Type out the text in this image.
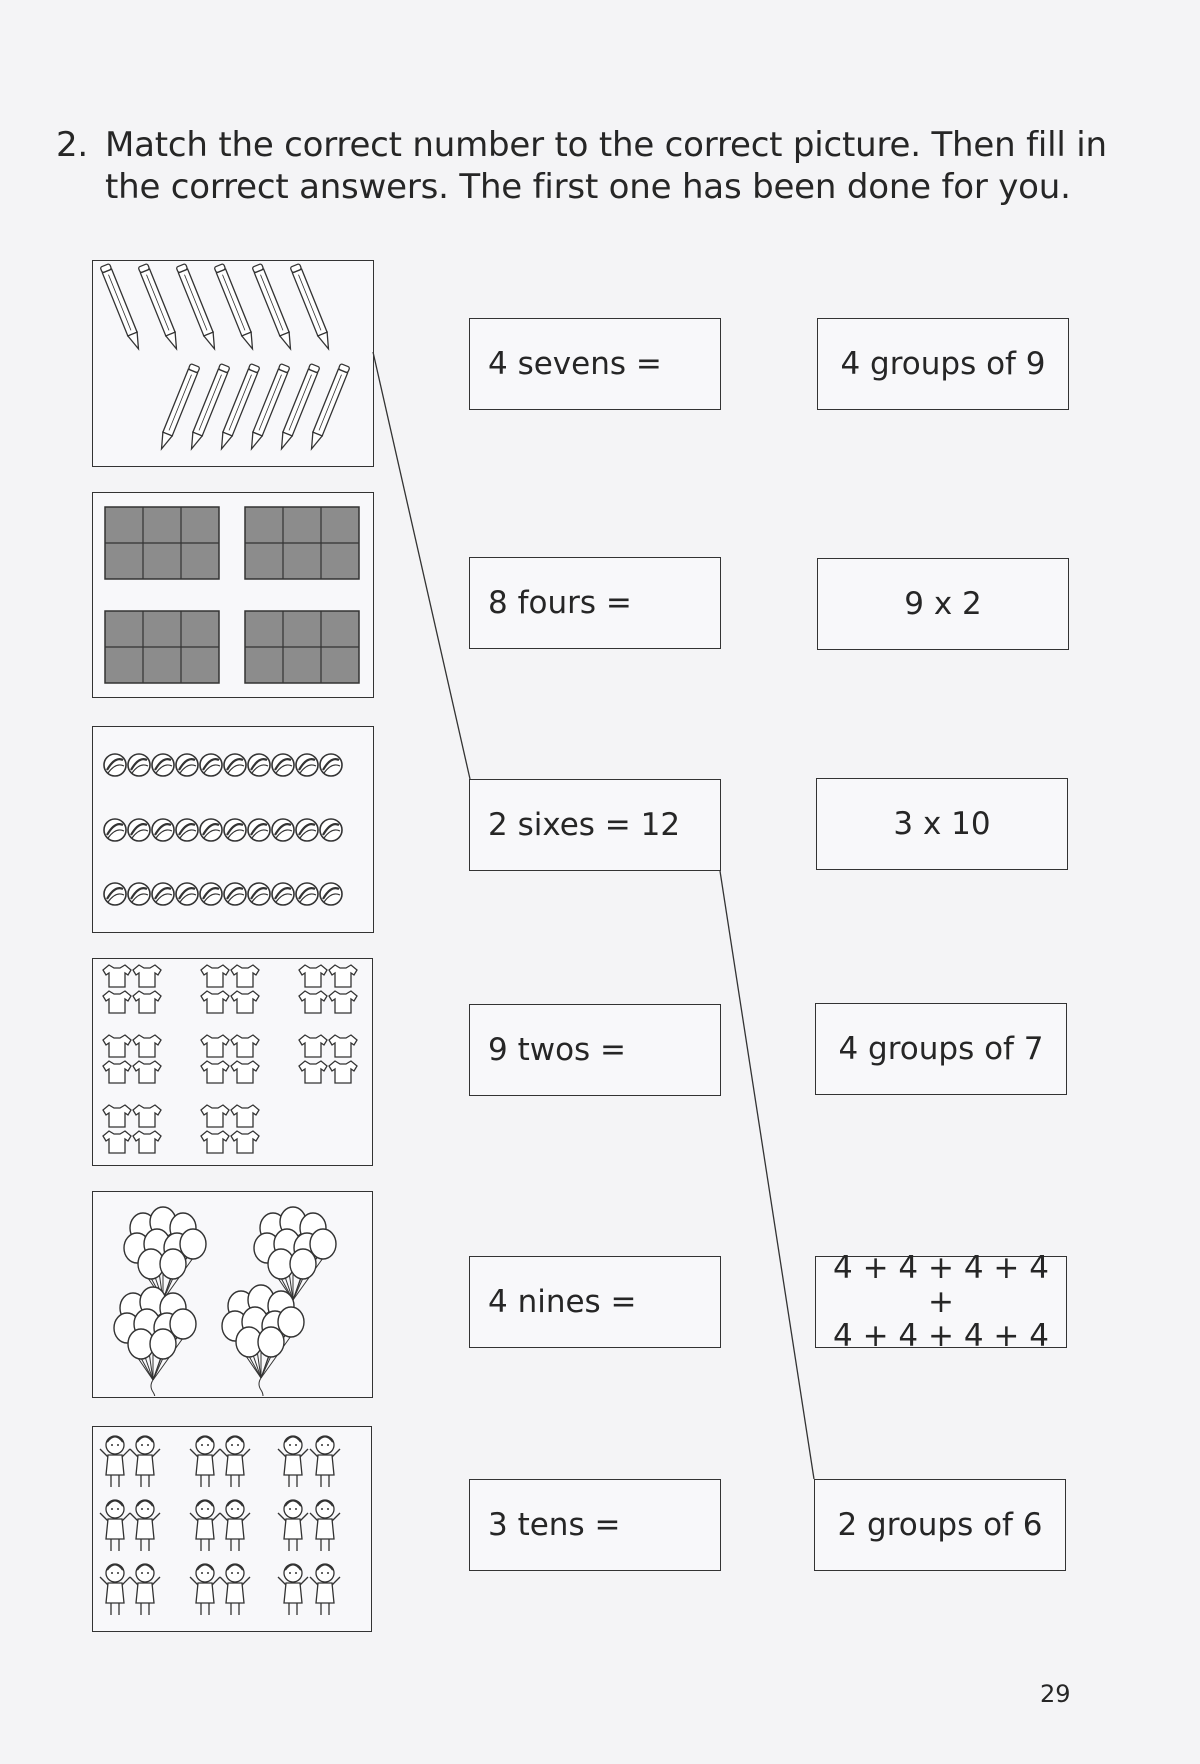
2. Match the correct number to the correct picture. Then fill in
the correct answers. The first one has been done for you.
4 sevens =
8 fours =
2 sixes = 12
9 twos =
4 nines =
3 tens =
4 groups of 9
9 x 2
3 x 10
4 groups of 7
4 + 4 + 4 + 4 +
4 + 4 + 4 + 4
2 groups of 6
29
